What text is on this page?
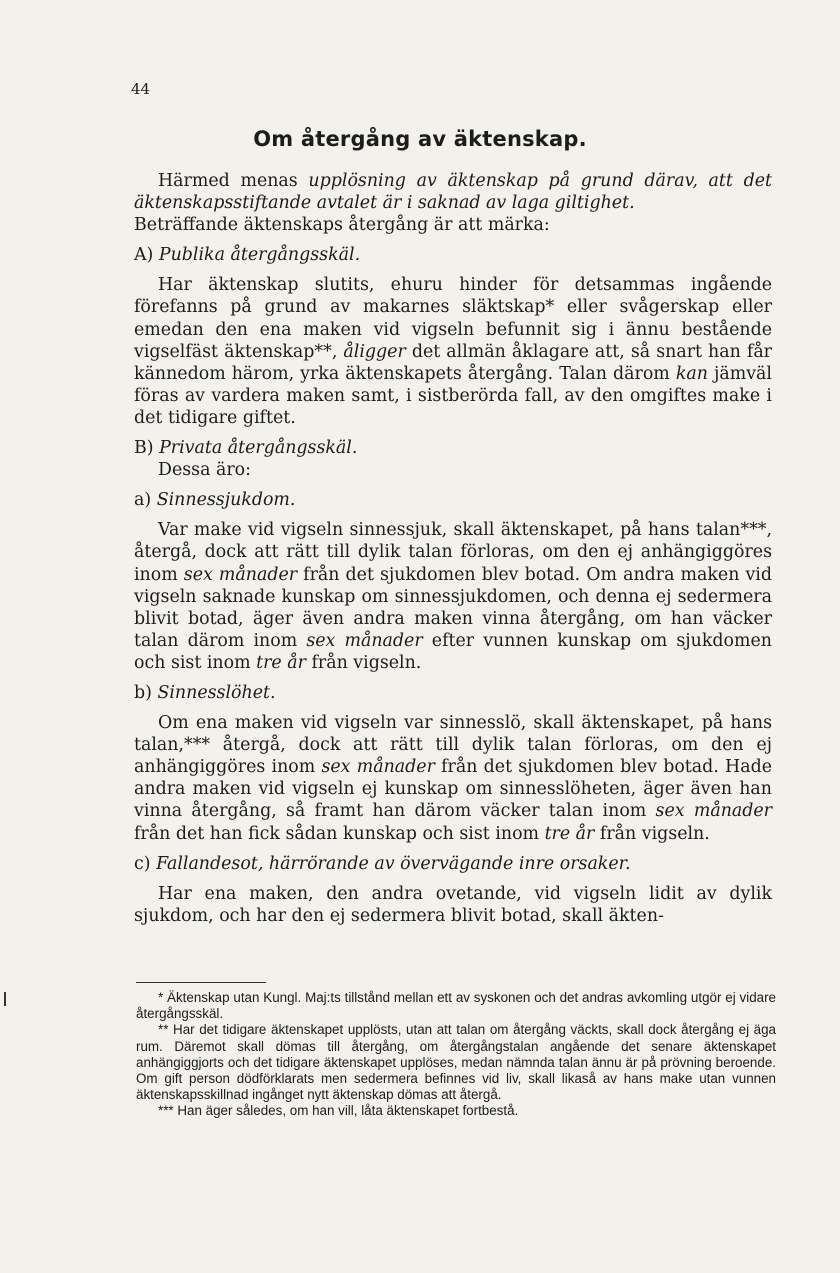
44
Om återgång av äktenskap.

Härmed menas upplösning av äktenskap på grund därav, att det äktenskapsstiftande avtalet är i saknad av laga giltighet.
Beträffande äktenskaps återgång är att märka:

A) Publika återgångsskäl.

Har äktenskap slutits, ehuru hinder för detsammas ingående förefanns på grund av makarnes släktskap* eller svågerskap eller emedan den ena maken vid vigseln befunnit sig i ännu bestående vigselfäst äktenskap**, åligger det allmän åklagare att, så snart han får kännedom härom, yrka äktenskapets återgång. Talan därom kan jämväl föras av vardera maken samt, i sistberörda fall, av den omgiftes make i det tidigare giftet.

B) Privata återgångsskäl.

Dessa äro:

a) Sinnessjukdom.

Var make vid vigseln sinnessjuk, skall äktenskapet, på hans talan***, återgå, dock att rätt till dylik talan förloras, om den ej anhängiggöres inom sex månader från det sjukdomen blev botad. Om andra maken vid vigseln saknade kunskap om sinnessjukdomen, och denna ej sedermera blivit botad, äger även andra maken vinna återgång, om han väcker talan därom inom sex månader efter vunnen kunskap om sjukdomen och sist inom tre år från vigseln.

b) Sinnesslöhet.

Om ena maken vid vigseln var sinnesslö, skall äktenskapet, på hans talan,*** återgå, dock att rätt till dylik talan förloras, om den ej anhängiggöres inom sex månader från det sjukdomen blev botad. Hade andra maken vid vigseln ej kunskap om sinnesslöheten, äger även han vinna återgång, så framt han därom väcker talan inom sex månader från det han fick sådan kunskap och sist inom tre år från vigseln.

c) Fallandesot, härrörande av övervägande inre orsaker.

Har ena maken, den andra ovetande, vid vigseln lidit av dylik sjukdom, och har den ej sedermera blivit botad, skall äkten-

* Äktenskap utan Kungl. Maj:ts tillstånd mellan ett av syskonen och det andras avkomling utgör ej vidare återgångsskäl.

** Har det tidigare äktenskapet upplösts, utan att talan om återgång väckts, skall dock återgång ej äga rum. Däremot skall dömas till återgång, om återgångstalan angående det senare äktenskapet anhängiggjorts och det tidigare äktenskapet upplöses, medan nämnda talan ännu är på prövning beroende. Om gift person dödförklarats men sedermera befinnes vid liv, skall likaså av hans make utan vunnen äktenskapsskillnad ingånget nytt äktenskap dömas att återgå.

*** Han äger således, om han vill, låta äktenskapet fortbestå.
